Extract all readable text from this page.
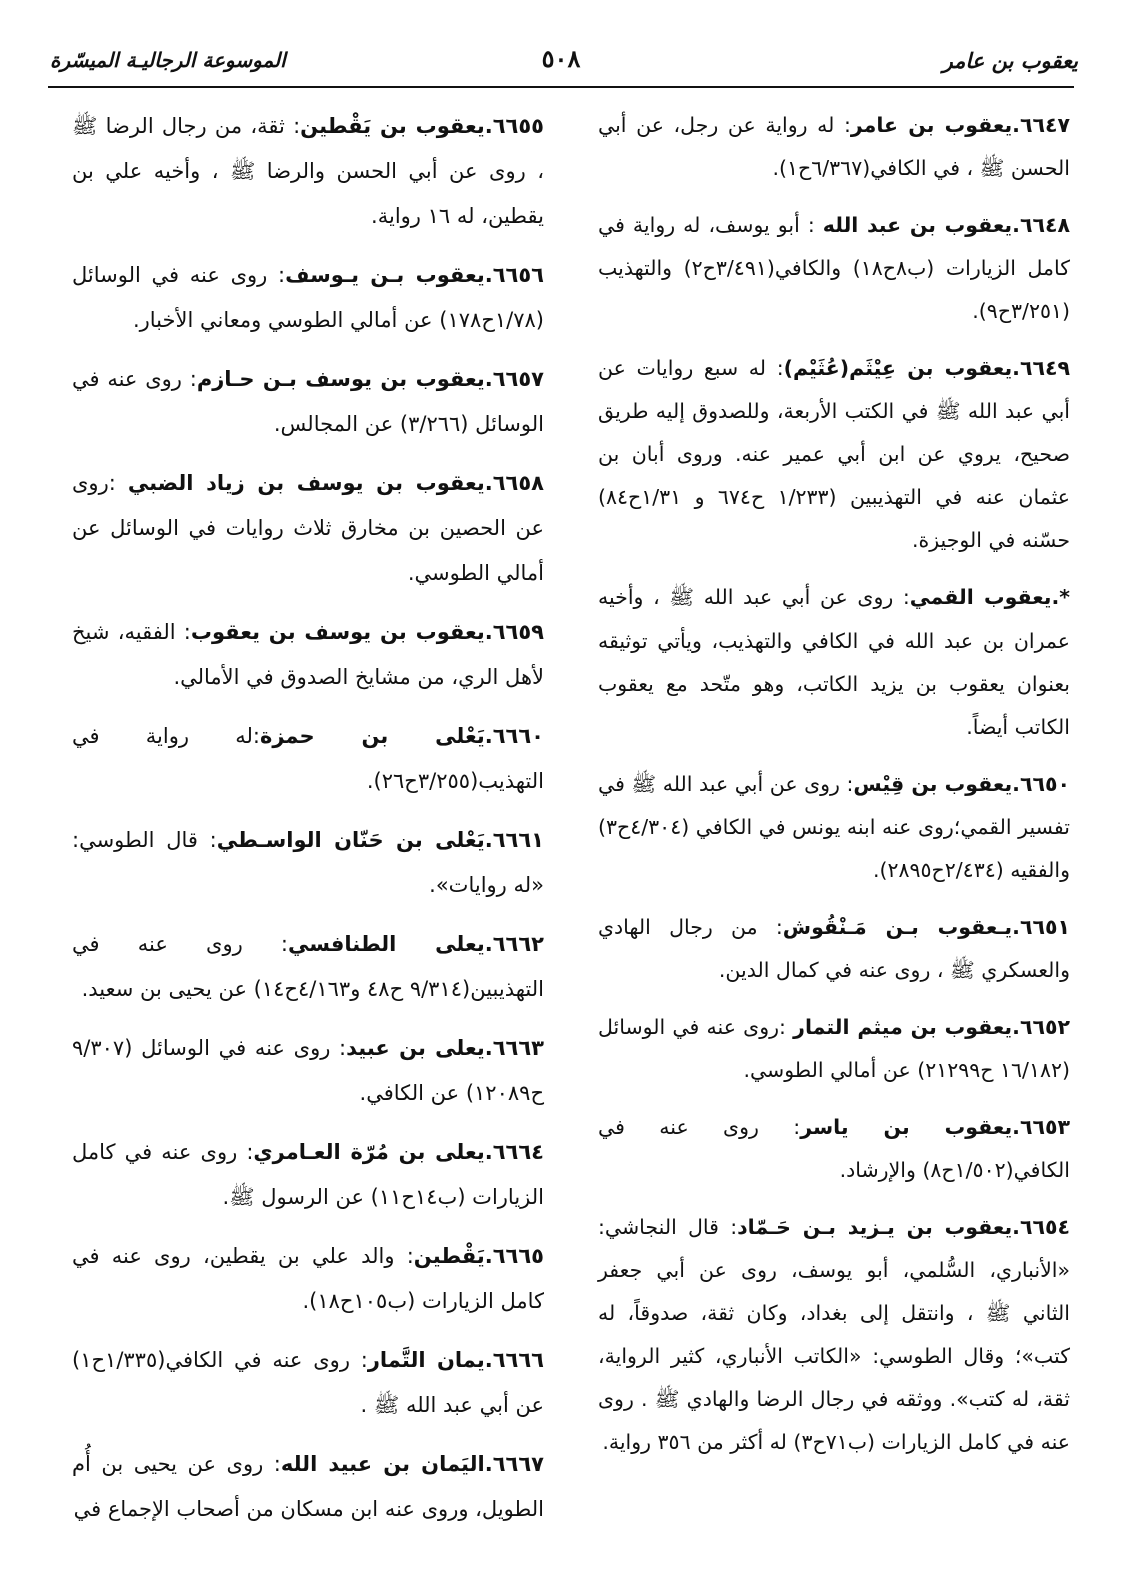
يعقوب بن عامر
٥٠٨
الموسوعة الرجاليـة الميسّرة

٦٦٤٧.يعقوب بن عامر: له رواية عن رجل، عن أبي الحسن ﷺ ، في الكافي(٦/٣٦٧ح١).

٦٦٤٨.يعقوب بن عبد الله : أبو يوسف، له رواية في كامل الزيارات (ب٨ح١٨) والكافي(٣/٤٩١ح٢) والتهذيب (٣/٢٥١ح٩).

٦٦٤٩.يعقوب بن عِيْثَم(عُثَيْم): له سبع روايات عن أبي عبد الله ﷺ في الكتب الأربعة، وللصدوق إليه طريق صحيح، يروي عن ابن أبي عمير عنه. وروى أبان بن عثمان عنه في التهذيبين (١/٢٣٣ ح٦٧٤ و ١/٣١ح٨٤) حسّنه في الوجيزة.

*.يعقوب القمي: روى عن أبي عبد الله ﷺ ، وأخيه عمران بن عبد الله في الكافي والتهذيب، ويأتي توثيقه بعنوان يعقوب بن يزيد الكاتب، وهو متّحد مع يعقوب الكاتب أيضاً.

٦٦٥٠.يعقوب بن قِيْس: روى عن أبي عبد الله ﷺ في تفسير القمي؛روى عنه ابنه يونس في الكافي (٤/٣٠٤ح٣) والفقيه (٢/٤٣٤ح٢٨٩٥).

٦٦٥١.يـعقوب بـن مَـنْقُوش: من رجال الهادي والعسكري ﷺ ، روى عنه في كمال الدين.

٦٦٥٢.يعقوب بن ميثم التمار :روى عنه في الوسائل (١٦/١٨٢ ح٢١٢٩٩) عن أمالي الطوسي.

٦٦٥٣.يعقوب بن ياسر: روى عنه في الكافي(١/٥٠٢ح٨) والإرشاد.

٦٦٥٤.يعقوب بن يـزيد بـن حَـمّاد: قال النجاشي: «الأنباري، السُّلمي، أبو يوسف، روى عن أبي جعفر الثاني ﷺ ، وانتقل إلى بغداد، وكان ثقة، صدوقاً، له كتب»؛ وقال الطوسي: «الكاتب الأنباري، كثير الرواية، ثقة، له كتب». ووثقه في رجال الرضا والهادي ﷺ . روى عنه في كامل الزيارات (ب٧١ح٣) له أكثر من ٣٥٦ رواية.

٦٦٥٥.يعقوب بن يَقْطين: ثقة، من رجال الرضا ﷺ ، روى عن أبي الحسن والرضا ﷺ ، وأخيه علي بن يقطين، له ١٦ رواية.

٦٦٥٦.يعقوب بـن يـوسف: روى عنه في الوسائل (١/٧٨ح١٧٨) عن أمالي الطوسي ومعاني الأخبار.

٦٦٥٧.يعقوب بن يوسف بـن حـازم: روى عنه في الوسائل (٣/٢٦٦) عن المجالس.

٦٦٥٨.يعقوب بن يوسف بن زياد الضبي :روى عن الحصين بن مخارق ثلاث روايات في الوسائل عن أمالي الطوسي.

٦٦٥٩.يعقوب بن يوسف بن يعقوب: الفقيه، شيخ لأهل الري، من مشايخ الصدوق في الأمالي.

٦٦٦٠.يَعْلى بن حمزة:له رواية في التهذيب(٣/٢٥٥ح٢٦).

٦٦٦١.يَعْلى بن حَنّان الواسـطي: قال الطوسي: «له روايات».

٦٦٦٢.يعلى الطنافسي: روى عنه في التهذيبين(٩/٣١٤ ح٤٨ و٤/١٦٣ح١٤) عن يحيى بن سعيد.

٦٦٦٣.يعلى بن عبيد: روى عنه في الوسائل (٩/٣٠٧ ح١٢٠٨٩) عن الكافي.

٦٦٦٤.يعلى بن مُرّة العـامري: روى عنه في كامل الزيارات (ب١٤ح١١) عن الرسول ﷺ.

٦٦٦٥.يَقْطين: والد علي بن يقطين، روى عنه في كامل الزيارات (ب١٠٥ح١٨).

٦٦٦٦.يمان التَّمار: روى عنه في الكافي(١/٣٣٥ح١) عن أبي عبد الله ﷺ .

٦٦٦٧.اليَمان بن عبيد الله: روى عن يحيى بن أُم الطويل، وروى عنه ابن مسكان من أصحاب الإجماع في
